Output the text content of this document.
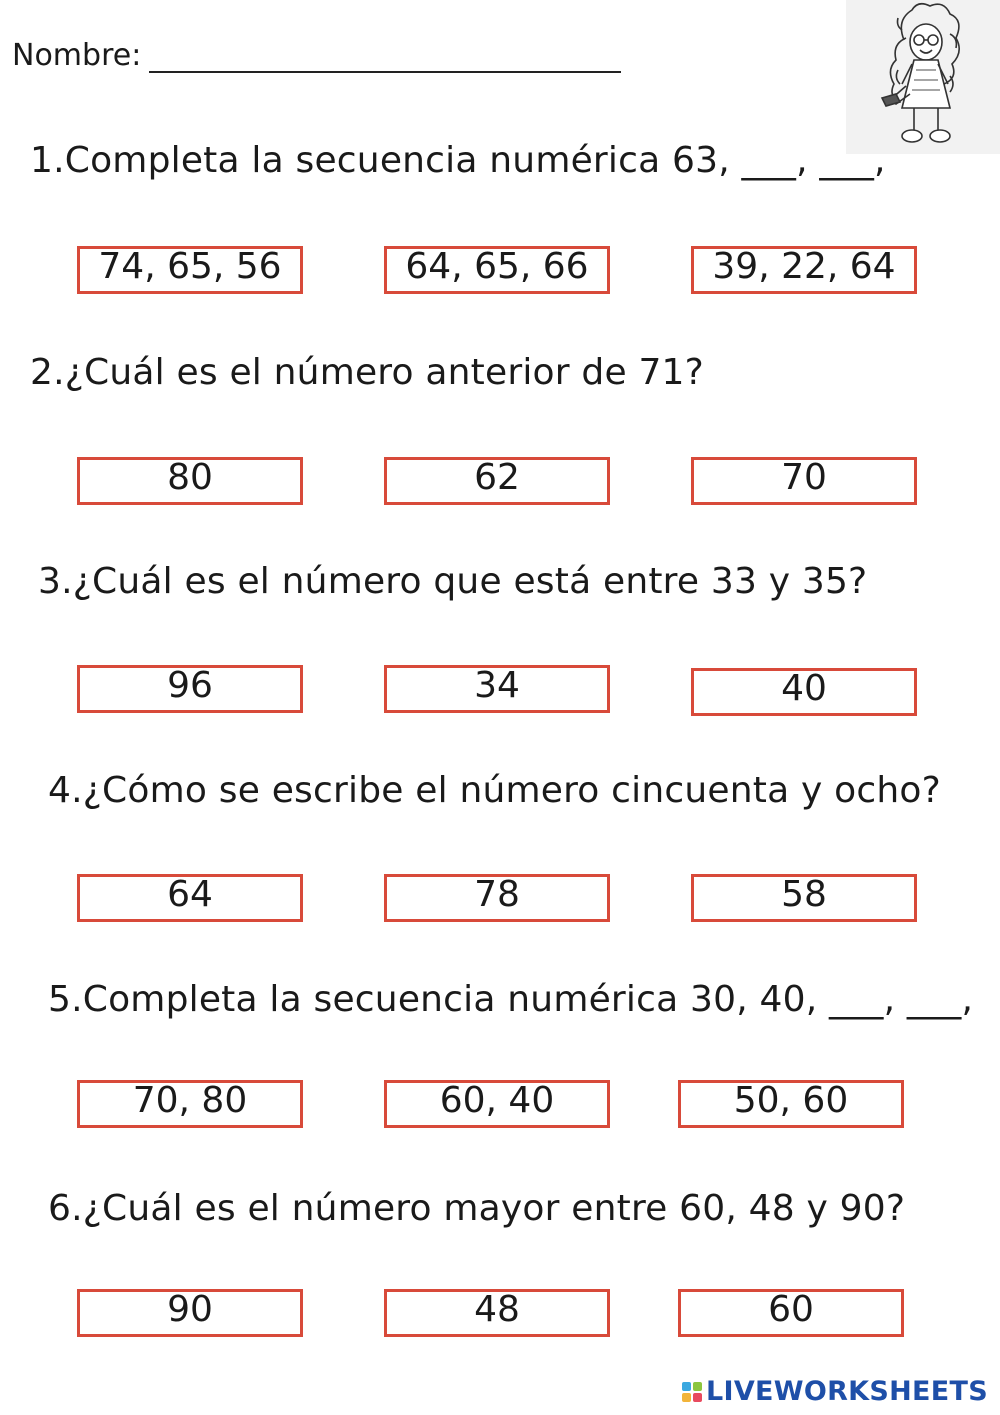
Nombre:
1.Completa la secuencia numérica 63, ___, ___,
74, 65, 56	64, 65, 66	39, 22, 64
2.¿Cuál es el número anterior de 71?
80	62	70
3.¿Cuál es el número que está entre 33 y 35?
96	34	40
4.¿Cómo se escribe el número cincuenta y ocho?
64	78	58
5.Completa la secuencia numérica 30, 40, ___, ___,
70, 80	60, 40	50, 60
6.¿Cuál es el número mayor entre 60, 48 y 90?
90	48	60
LIVEWORKSHEETS
